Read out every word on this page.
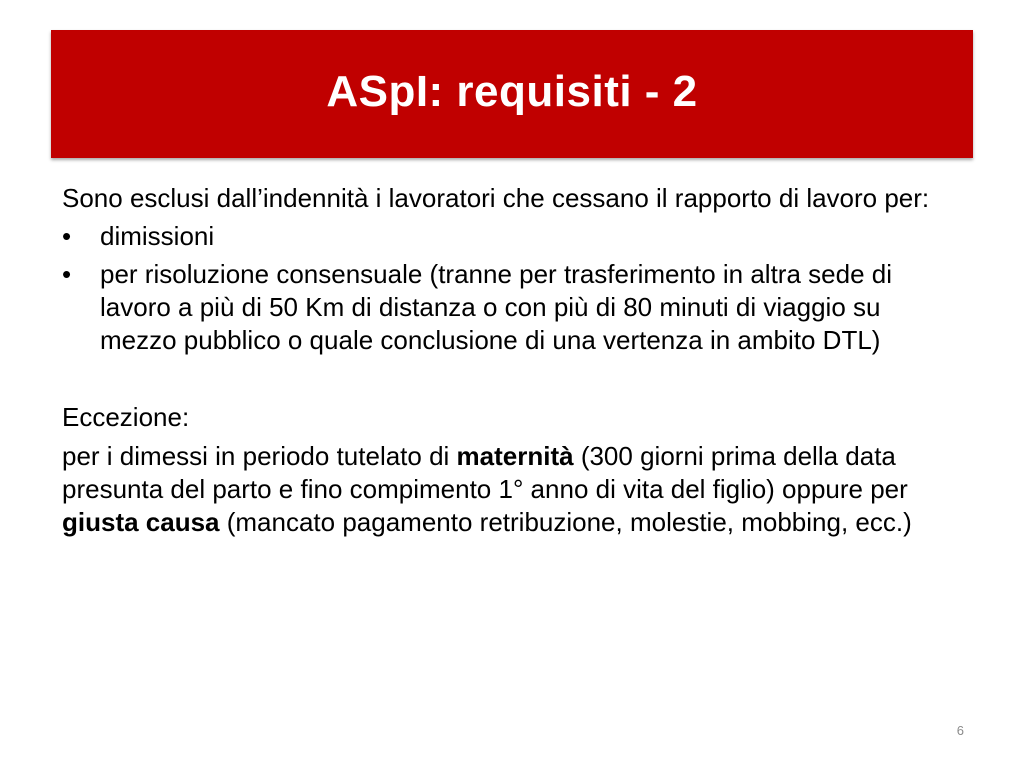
ASpI: requisiti - 2

Sono esclusi dall’indennità i lavoratori che cessano il rapporto di lavoro per:

• dimissioni
• per risoluzione consensuale (tranne per trasferimento in altra sede di lavoro a più di 50 Km di distanza o con più di 80 minuti di viaggio su mezzo pubblico o quale conclusione di una vertenza in ambito DTL)

Eccezione:

per i dimessi in periodo tutelato di maternità (300 giorni prima della data presunta del parto e fino compimento 1° anno di vita del figlio) oppure per giusta causa (mancato pagamento retribuzione, molestie, mobbing, ecc.)

6
